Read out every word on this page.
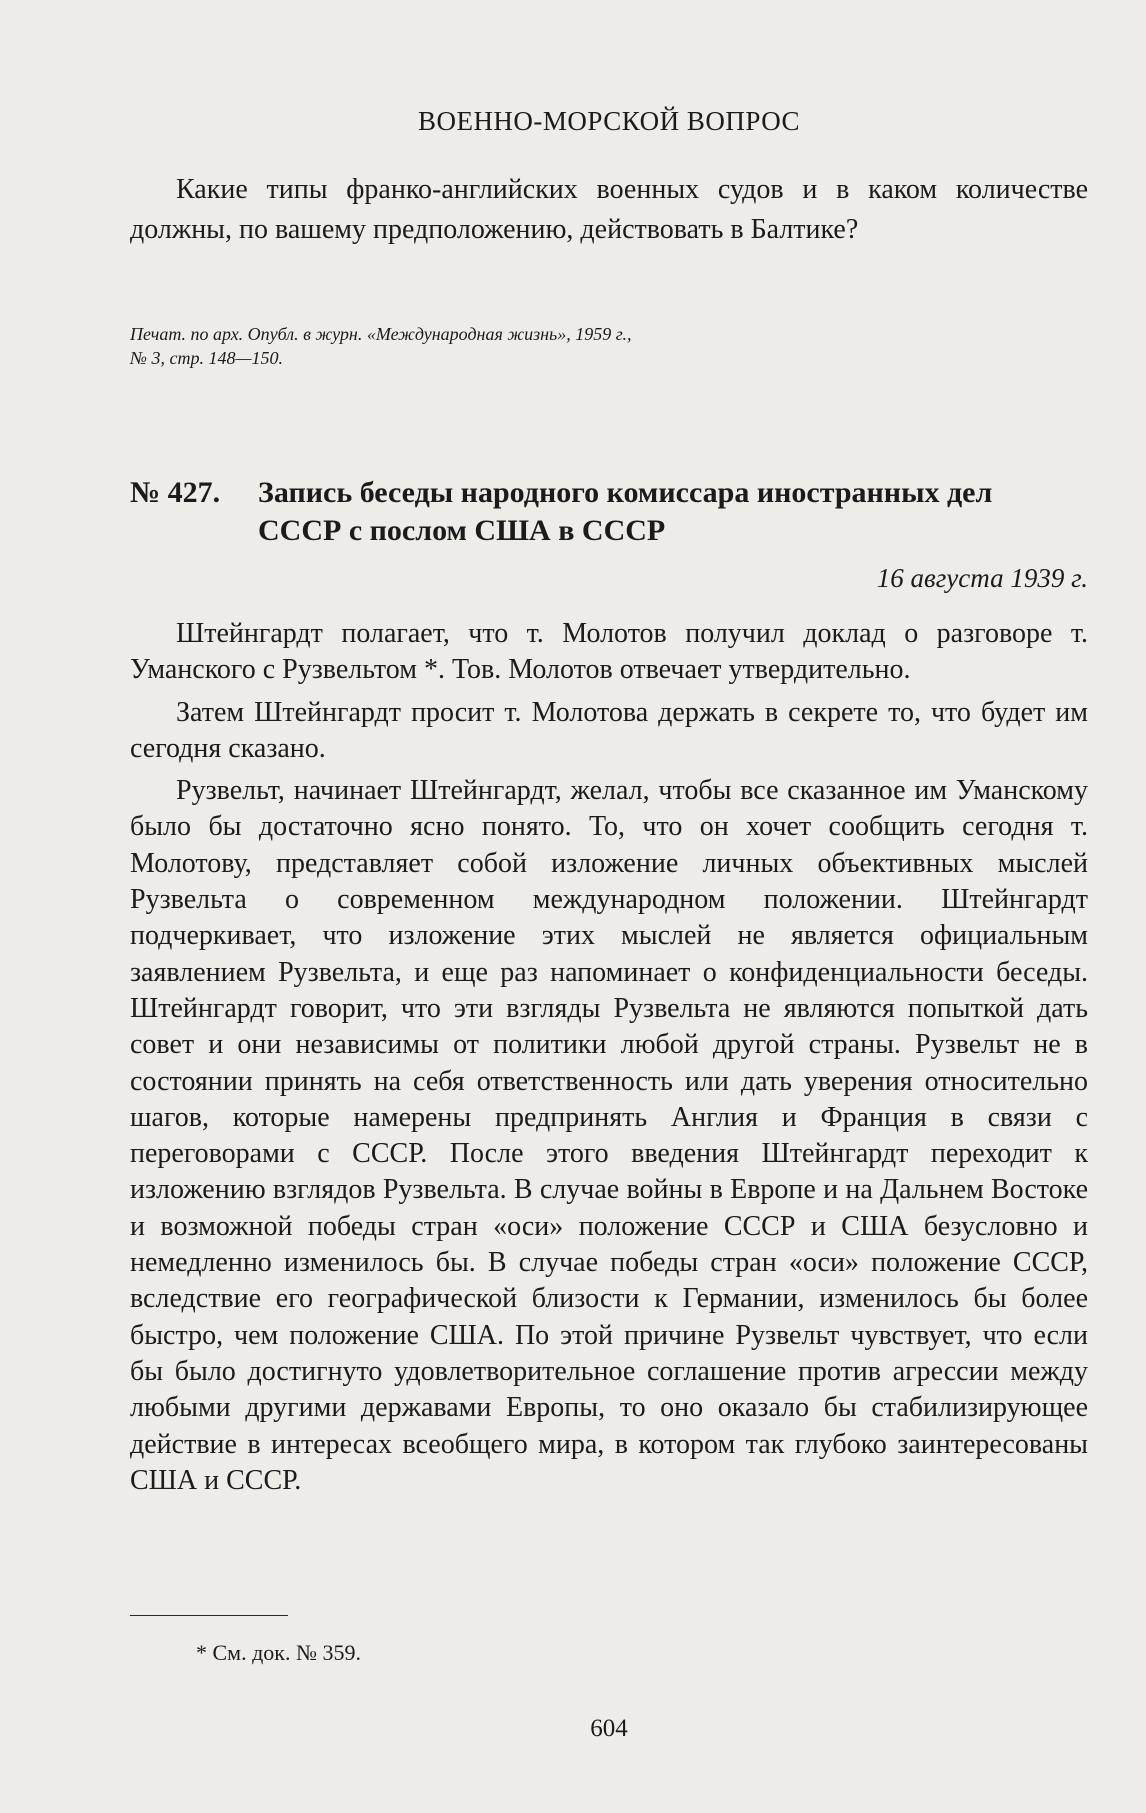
ВОЕННО-МОРСКОЙ ВОПРОС
Какие типы франко-английских военных судов и в каком количестве должны, по вашему предположению, действовать в Балтике?
Печат. по арх. Опубл. в журн. «Международная жизнь», 1959 г., № 3, стр. 148—150.
№ 427. Запись беседы народного комиссара иностранных дел
СССР с послом США в СССР
16 августа 1939 г.

Штейнгардт полагает, что т. Молотов получил доклад о разговоре т. Уманского с Рузвельтом *. Тов. Молотов отвечает утвердительно.

Затем Штейнгардт просит т. Молотова держать в секрете то, что будет им сегодня сказано.

Рузвельт, начинает Штейнгардт, желал, чтобы все сказанное им Уманскому было бы достаточно ясно понято. То, что он хочет сообщить сегодня т. Молотову, представляет собой изложение личных объективных мыслей Рузвельта о современном международном положении. Штейнгардт подчеркивает, что изложение этих мыслей не является официальным заявлением Рузвельта, и еще раз напоминает о конфиденциальности беседы. Штейнгардт говорит, что эти взгляды Рузвельта не являются попыткой дать совет и они независимы от политики любой другой страны. Рузвельт не в состоянии принять на себя ответственность или дать уверения относительно шагов, которые намерены предпринять Англия и Франция в связи с переговорами с СССР. После этого введения Штейнгардт переходит к изложению взглядов Рузвельта. В случае войны в Европе и на Дальнем Востоке и возможной победы стран «оси» положение СССР и США безусловно и немедленно изменилось бы. В случае победы стран «оси» положение СССР, вследствие его географической близости к Германии, изменилось бы более быстро, чем положение США. По этой причине Рузвельт чувствует, что если бы было достигнуто удовлетворительное соглашение против агрессии между любыми другими державами Европы, то оно оказало бы стабилизирующее действие в интересах всеобщего мира, в котором так глубоко заинтересованы США и СССР.

* См. док. № 359.
604
